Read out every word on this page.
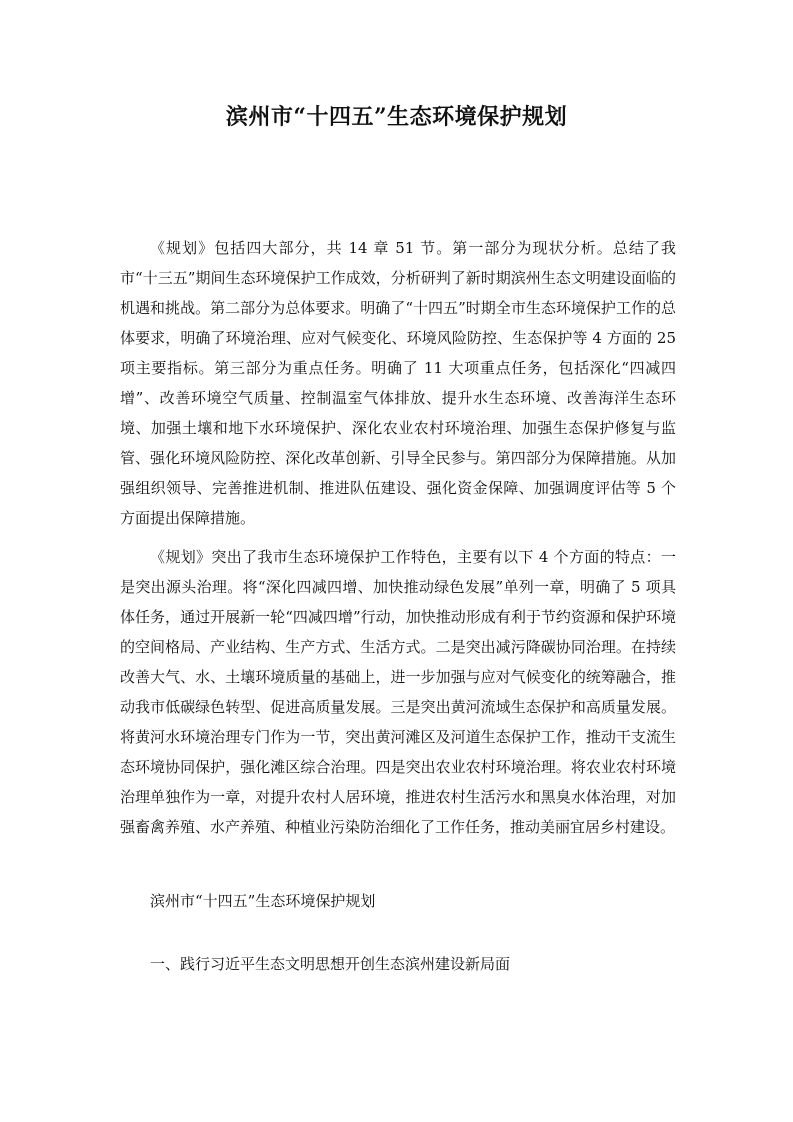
滨州市“十四五”生态环境保护规划

《规划》包括四大部分，共 14 章 51 节。第一部分为现状分析。总结了我市“十三五”期间生态环境保护工作成效，分析研判了新时期滨州生态文明建设面临的机遇和挑战。第二部分为总体要求。明确了“十四五”时期全市生态环境保护工作的总体要求，明确了环境治理、应对气候变化、环境风险防控、生态保护等 4 方面的 25 项主要指标。第三部分为重点任务。明确了 11 大项重点任务，包括深化“四减四增”、改善环境空气质量、控制温室气体排放、提升水生态环境、改善海洋生态环境、加强土壤和地下水环境保护、深化农业农村环境治理、加强生态保护修复与监管、强化环境风险防控、深化改革创新、引导全民参与。第四部分为保障措施。从加强组织领导、完善推进机制、推进队伍建设、强化资金保障、加强调度评估等 5 个方面提出保障措施。

《规划》突出了我市生态环境保护工作特色，主要有以下 4 个方面的特点：一是突出源头治理。将“深化四减四增、加快推动绿色发展”单列一章，明确了 5 项具体任务，通过开展新一轮“四减四增”行动，加快推动形成有利于节约资源和保护环境的空间格局、产业结构、生产方式、生活方式。二是突出减污降碳协同治理。在持续改善大气、水、土壤环境质量的基础上，进一步加强与应对气候变化的统筹融合，推动我市低碳绿色转型、促进高质量发展。三是突出黄河流域生态保护和高质量发展。将黄河水环境治理专门作为一节，突出黄河滩区及河道生态保护工作，推动干支流生态环境协同保护，强化滩区综合治理。四是突出农业农村环境治理。将农业农村环境治理单独作为一章，对提升农村人居环境，推进农村生活污水和黑臭水体治理，对加强畜禽养殖、水产养殖、种植业污染防治细化了工作任务，推动美丽宜居乡村建设。

滨州市“十四五”生态环境保护规划
一、践行习近平生态文明思想开创生态滨州建设新局面
